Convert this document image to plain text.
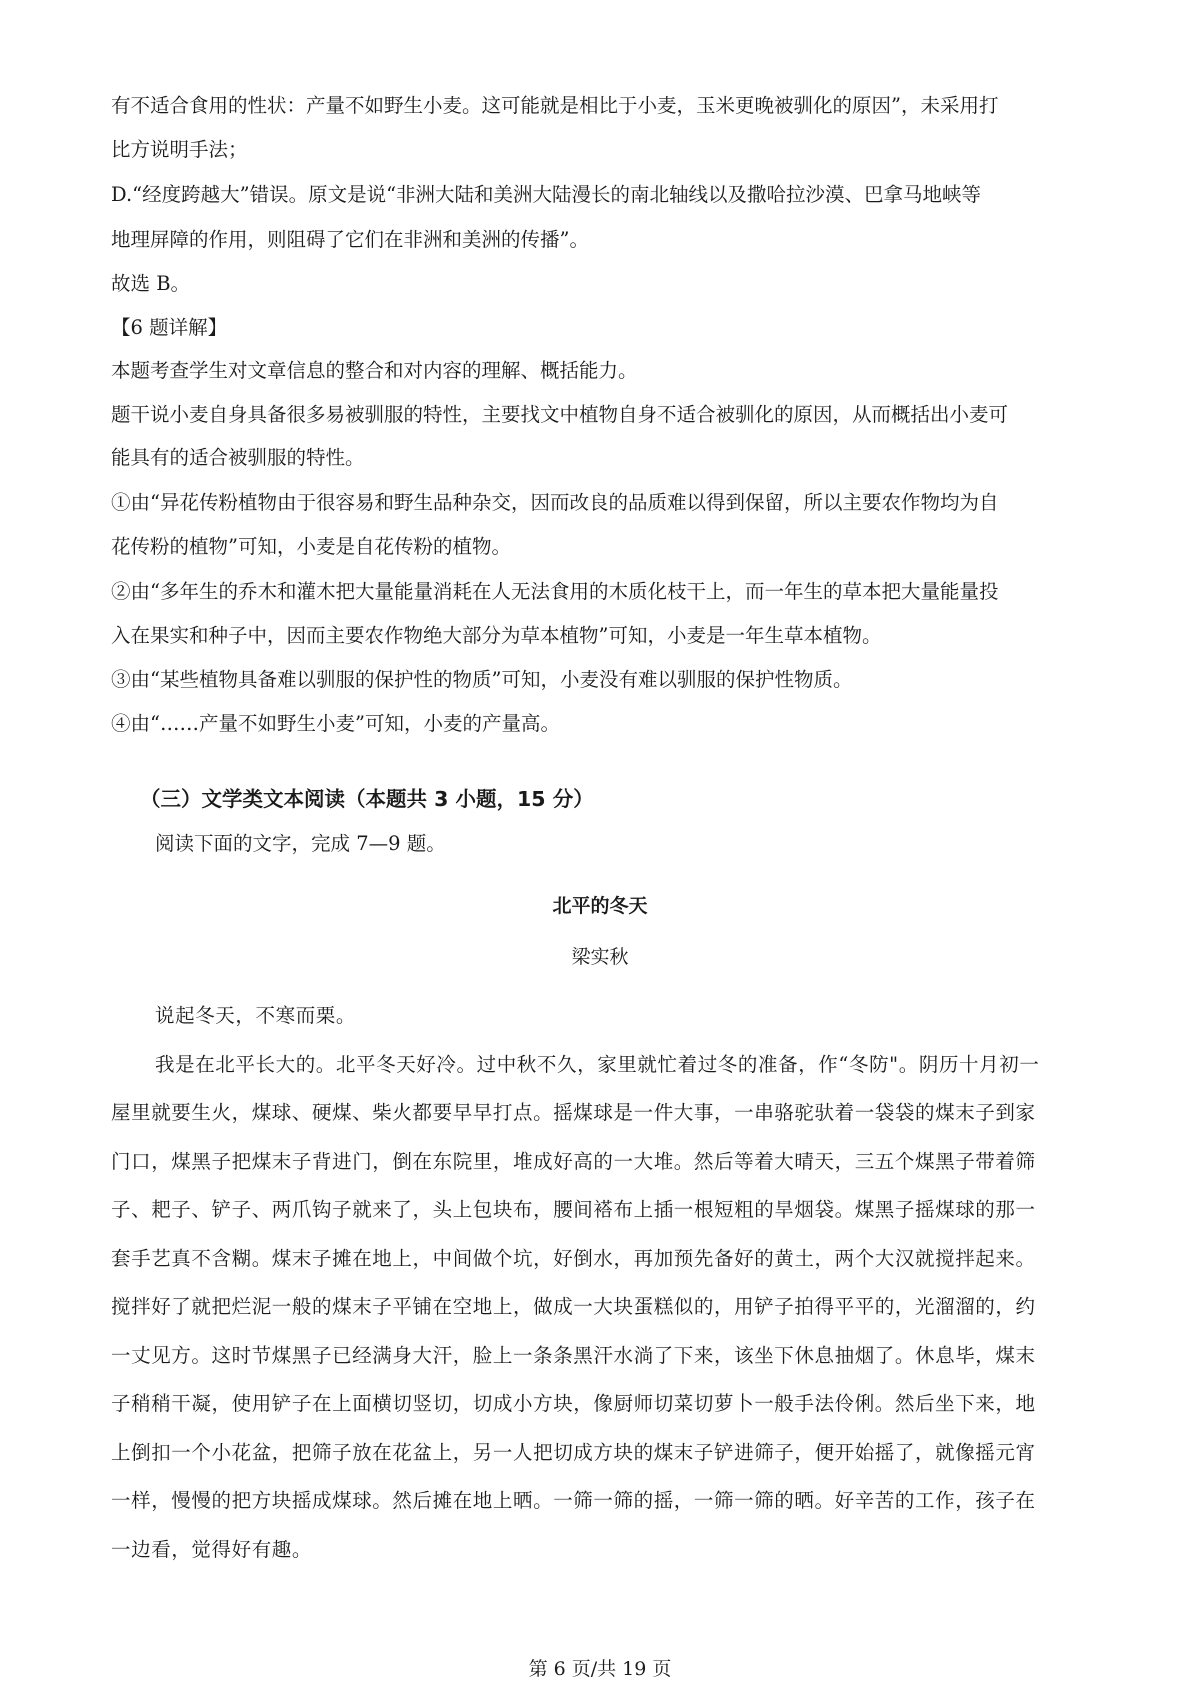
有不适合食用的性状：产量不如野生小麦。这可能就是相比于小麦，玉米更晚被驯化的原因”，未采用打
比方说明手法；
D.“经度跨越大”错误。原文是说“非洲大陆和美洲大陆漫长的南北轴线以及撒哈拉沙漠、巴拿马地峡等
地理屏障的作用，则阻碍了它们在非洲和美洲的传播”。
故选 B。
【6 题详解】
本题考查学生对文章信息的整合和对内容的理解、概括能力。
题干说小麦自身具备很多易被驯服的特性，主要找文中植物自身不适合被驯化的原因，从而概括出小麦可
能具有的适合被驯服的特性。
①由“异花传粉植物由于很容易和野生品种杂交，因而改良的品质难以得到保留，所以主要农作物均为自
花传粉的植物”可知，小麦是自花传粉的植物。
②由“多年生的乔木和灌木把大量能量消耗在人无法食用的木质化枝干上，而一年生的草本把大量能量投
入在果实和种子中，因而主要农作物绝大部分为草本植物”可知，小麦是一年生草本植物。
③由“某些植物具备难以驯服的保护性的物质”可知，小麦没有难以驯服的保护性物质。
④由“……产量不如野生小麦”可知，小麦的产量高。
（三）文学类文本阅读（本题共 3 小题，15 分）
阅读下面的文字，完成 7—9 题。
北平的冬天
梁实秋
说起冬天，不寒而栗。
我是在北平长大的。北平冬天好冷。过中秋不久，家里就忙着过冬的准备，作“冬防"。阴历十月初一
屋里就要生火，煤球、硬煤、柴火都要早早打点。摇煤球是一件大事，一串骆驼驮着一袋袋的煤末子到家
门口，煤黑子把煤末子背进门，倒在东院里，堆成好高的一大堆。然后等着大晴天，三五个煤黑子带着筛
子、耙子、铲子、两爪钩子就来了，头上包块布，腰间褡布上插一根短粗的旱烟袋。煤黑子摇煤球的那一
套手艺真不含糊。煤末子摊在地上，中间做个坑，好倒水，再加预先备好的黄土，两个大汉就搅拌起来。
搅拌好了就把烂泥一般的煤末子平铺在空地上，做成一大块蛋糕似的，用铲子拍得平平的，光溜溜的，约
一丈见方。这时节煤黑子已经满身大汗，脸上一条条黑汗水淌了下来，该坐下休息抽烟了。休息毕，煤末
子稍稍干凝，使用铲子在上面横切竖切，切成小方块，像厨师切菜切萝卜一般手法伶俐。然后坐下来，地
上倒扣一个小花盆，把筛子放在花盆上，另一人把切成方块的煤末子铲进筛子，便开始摇了，就像摇元宵
一样，慢慢的把方块摇成煤球。然后摊在地上晒。一筛一筛的摇，一筛一筛的晒。好辛苦的工作，孩子在
一边看，觉得好有趣。
第 6 页/共 19 页
